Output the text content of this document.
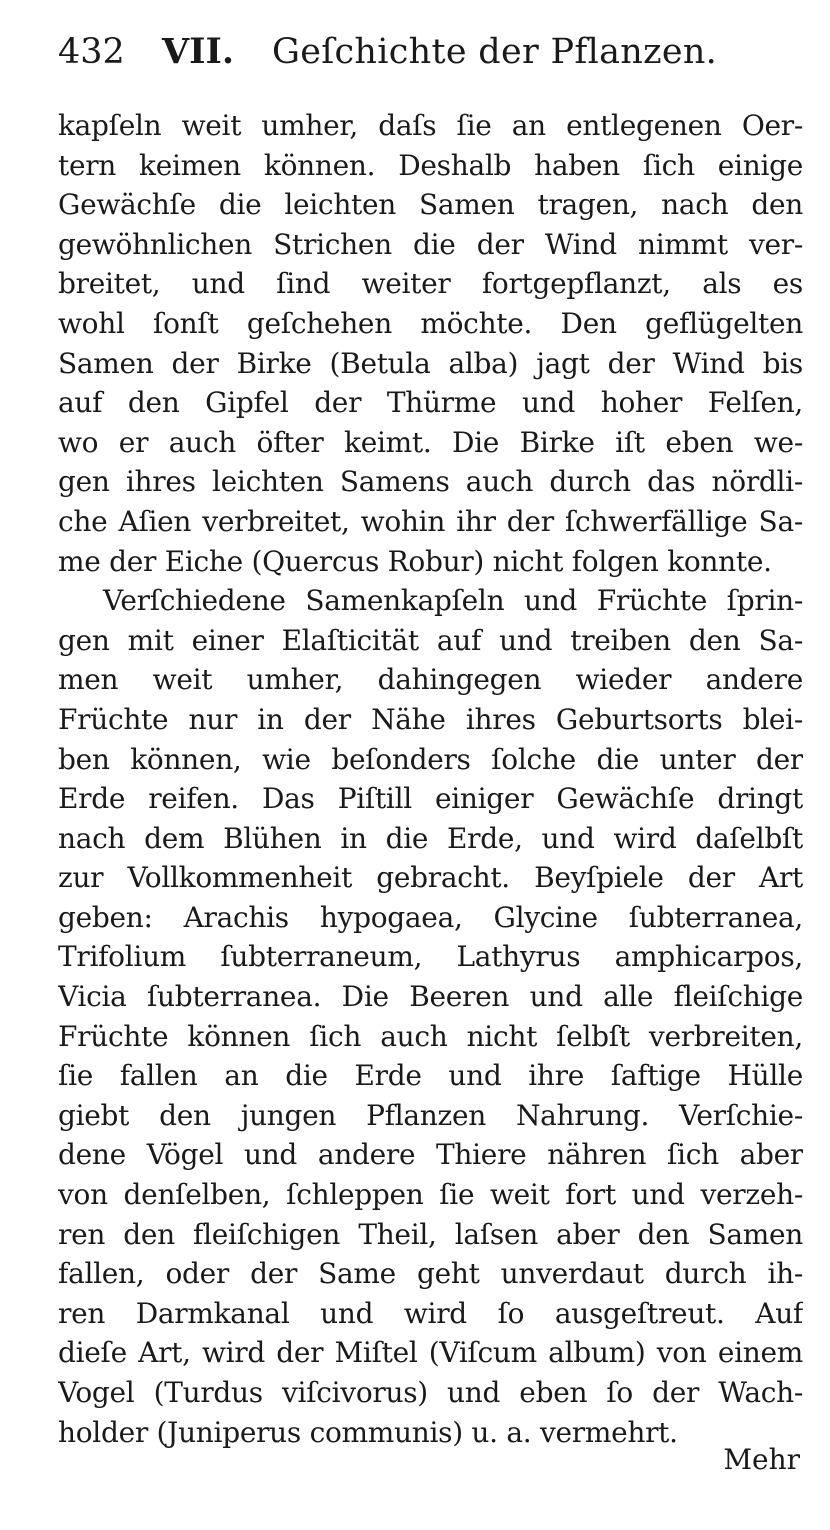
432 VII. Geſchichte der Pflanzen.
kapſeln weit umher, daſs ſie an entlegenen Oer-
tern keimen können. Deshalb haben ſich einige
Gewächſe die leichten Samen tragen, nach den
gewöhnlichen Strichen die der Wind nimmt ver-
breitet, und ſind weiter fortgepflanzt, als es
wohl ſonſt geſchehen möchte. Den geflügelten
Samen der Birke (Betula alba) jagt der Wind bis
auf den Gipfel der Thürme und hoher Felſen,
wo er auch öfter keimt. Die Birke iſt eben we-
gen ihres leichten Samens auch durch das nördli-
che Aſien verbreitet, wohin ihr der ſchwerfällige Sa-
me der Eiche (Quercus Robur) nicht folgen konnte.
Verſchiedene Samenkapſeln und Früchte ſprin-
gen mit einer Elaſticität auf und treiben den Sa-
men weit umher, dahingegen wieder andere
Früchte nur in der Nähe ihres Geburtsorts blei-
ben können, wie beſonders ſolche die unter der
Erde reifen. Das Piſtill einiger Gewächſe dringt
nach dem Blühen in die Erde, und wird daſelbſt
zur Vollkommenheit gebracht. Beyſpiele der Art
geben: Arachis hypogaea, Glycine ſubterranea,
Trifolium ſubterraneum, Lathyrus amphicarpos,
Vicia ſubterranea. Die Beeren und alle fleiſchige
Früchte können ſich auch nicht ſelbſt verbreiten,
ſie fallen an die Erde und ihre ſaftige Hülle
giebt den jungen Pflanzen Nahrung. Verſchie-
dene Vögel und andere Thiere nähren ſich aber
von denſelben, ſchleppen ſie weit fort und verzeh-
ren den fleiſchigen Theil, laſsen aber den Samen
fallen, oder der Same geht unverdaut durch ih-
ren Darmkanal und wird ſo ausgeſtreut. Auf
dieſe Art, wird der Miſtel (Viſcum album) von einem
Vogel (Turdus viſcivorus) und eben ſo der Wach-
holder (Juniperus communis) u. a. vermehrt.
Mehr
